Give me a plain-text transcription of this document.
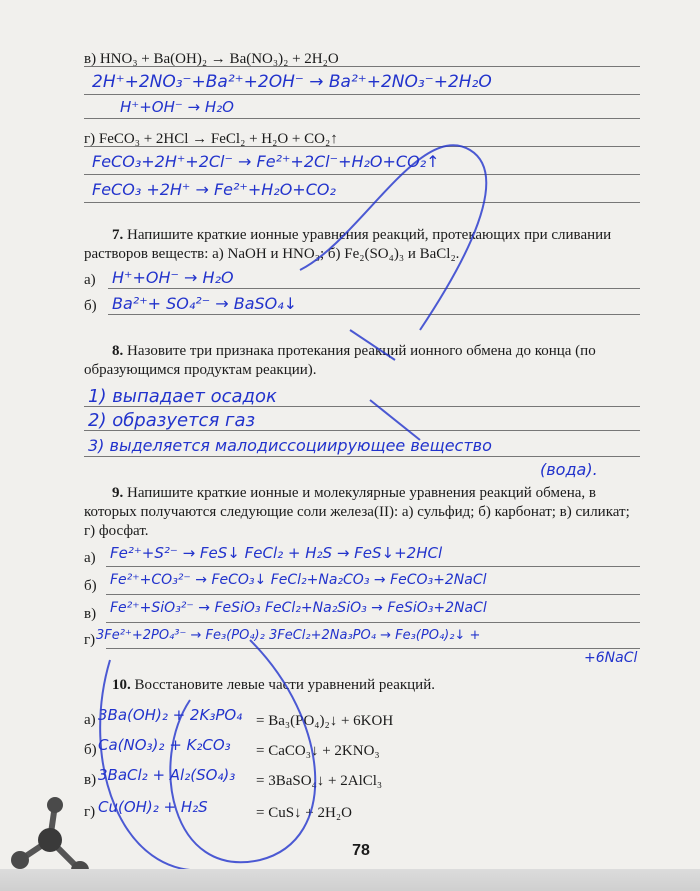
в) HNO₃ + Ba(OH)₂ → Ba(NO₃)₂ + 2H₂O
2H⁺+2NO₃⁻+Ba²⁺+2OH⁻ → Ba²⁺+2NO₃⁻+2H₂O
H⁺+OH⁻ → H₂O
г) FeCO₃ + 2HCl → FeCl₂ + H₂O + CO₂↑
FeCO₃+2H⁺+2Cl⁻ → Fe²⁺+2Cl⁻+H₂O+CO₂↑
FeCO₃ +2H⁺ → Fe²⁺+H₂O+CO₂
7. Напишите краткие ионные уравнения реакций, протекающих при сливании растворов веществ: а) NaOH и HNO₃; б) Fe₂(SO₄)₃ и BaCl₂.
а) H⁺+OH⁻ → H₂O
б) Ba²⁺+ SO₄²⁻ → BaSO₄↓
8. Назовите три признака протекания реакций ионного обмена до конца (по образующимся продуктам реакции).
1) выпадает осадок
2) образуется газ
3) выделяется малодиссоциирующее вещество
(вода).
9. Напишите краткие ионные и молекулярные уравнения реакций обмена, в которых получаются следующие соли железа(II): а) сульфид; б) карбонат; в) силикат; г) фосфат.
а) Fe²⁺+S²⁻ → FeS↓ FeCl₂ + H₂S → FeS↓+2HCl
б) Fe²⁺+CO₃²⁻ → FeCO₃↓ FeCl₂+Na₂CO₃ → FeCO₃+2NaCl
в) Fe²⁺+SiO₃²⁻ → FeSiO₃ FeCl₂+Na₂SiO₃ → FeSiO₃+2NaCl
г) 3Fe²⁺+2PO₄³⁻ → Fe₃(PO₄)₂ 3FeCl₂+2Na₃PO₄ → Fe₃(PO₄)₂↓ +
+6NaCl
10. Восстановите левые части уравнений реакций.
а) 3Ba(OH)₂ + 2K₃PO₄ = Ba₃(PO₄)₂↓ + 6KOH
б) Ca(NO₃)₂ + K₂CO₃ = CaCO₃↓ + 2KNO₃
в) 3BaCl₂ + Al₂(SO₄)₃ = 3BaSO₄↓ + 2AlCl₃
г) Cu(OH)₂ + H₂S	= CuS↓ + 2H₂O
78
